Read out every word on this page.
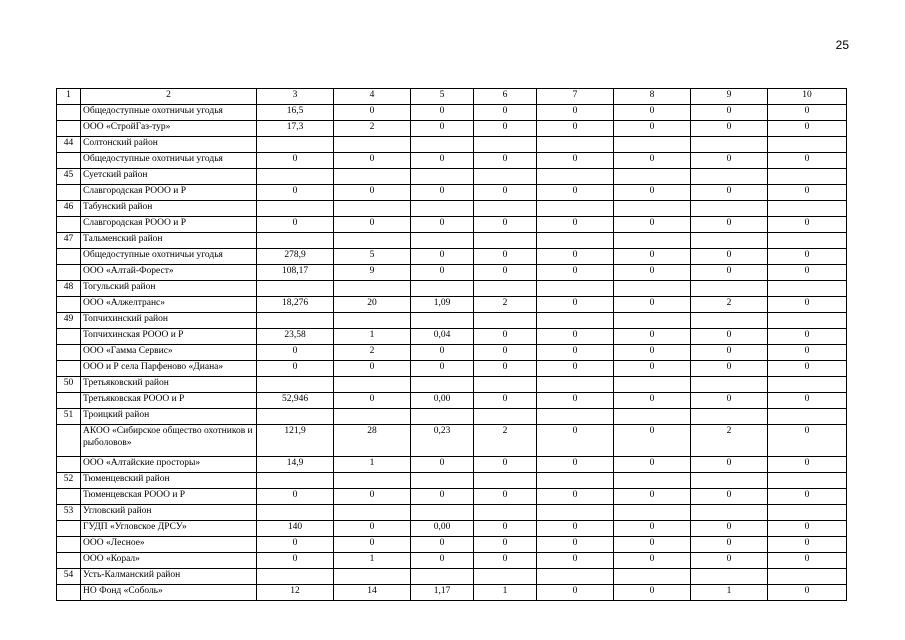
25
1	2	3	4	5	6	7	8	9	10
	Общедоступные охотничьи угодья	16,5	0	0	0	0	0	0	0
	ООО «СтройГаз-тур»	17,3	2	0	0	0	0	0	0
44	Солтонский район								
	Общедоступные охотничьи угодья	0	0	0	0	0	0	0	0
45	Суетский район								
	Славгородская РООО и Р	0	0	0	0	0	0	0	0
46	Табунский район								
	Славгородская РООО и Р	0	0	0	0	0	0	0	0
47	Тальменский район								
	Общедоступные охотничьи угодья	278,9	5	0	0	0	0	0	0
	ООО «Алтай-Форест»	108,17	9	0	0	0	0	0	0
48	Тогульский район								
	ООО «Алжелтранс»	18,276	20	1,09	2	0	0	2	0
49	Топчихинский район								
	Топчихинская РООО и Р	23,58	1	0,04	0	0	0	0	0
	ООО «Гамма Сервис»	0	2	0	0	0	0	0	0
	ООО и Р села Парфеново «Диана»	0	0	0	0	0	0	0	0
50	Третьяковский район								
	Третьяковская РООО и Р	52,946	0	0,00	0	0	0	0	0
51	Троицкий район								
	АКОО «Сибирское общество охотников и рыболовов»	121,9	28	0,23	2	0	0	2	0
	ООО «Алтайские просторы»	14,9	1	0	0	0	0	0	0
52	Тюменцевский район								
	Тюменцевская РООО и Р	0	0	0	0	0	0	0	0
53	Угловский район								
	ГУДП «Угловское ДРСУ»	140	0	0,00	0	0	0	0	0
	ООО «Лесное»	0	0	0	0	0	0	0	0
	ООО «Корал»	0	1	0	0	0	0	0	0
54	Усть-Калманский район								
	НО Фонд «Соболь»	12	14	1,17	1	0	0	1	0
